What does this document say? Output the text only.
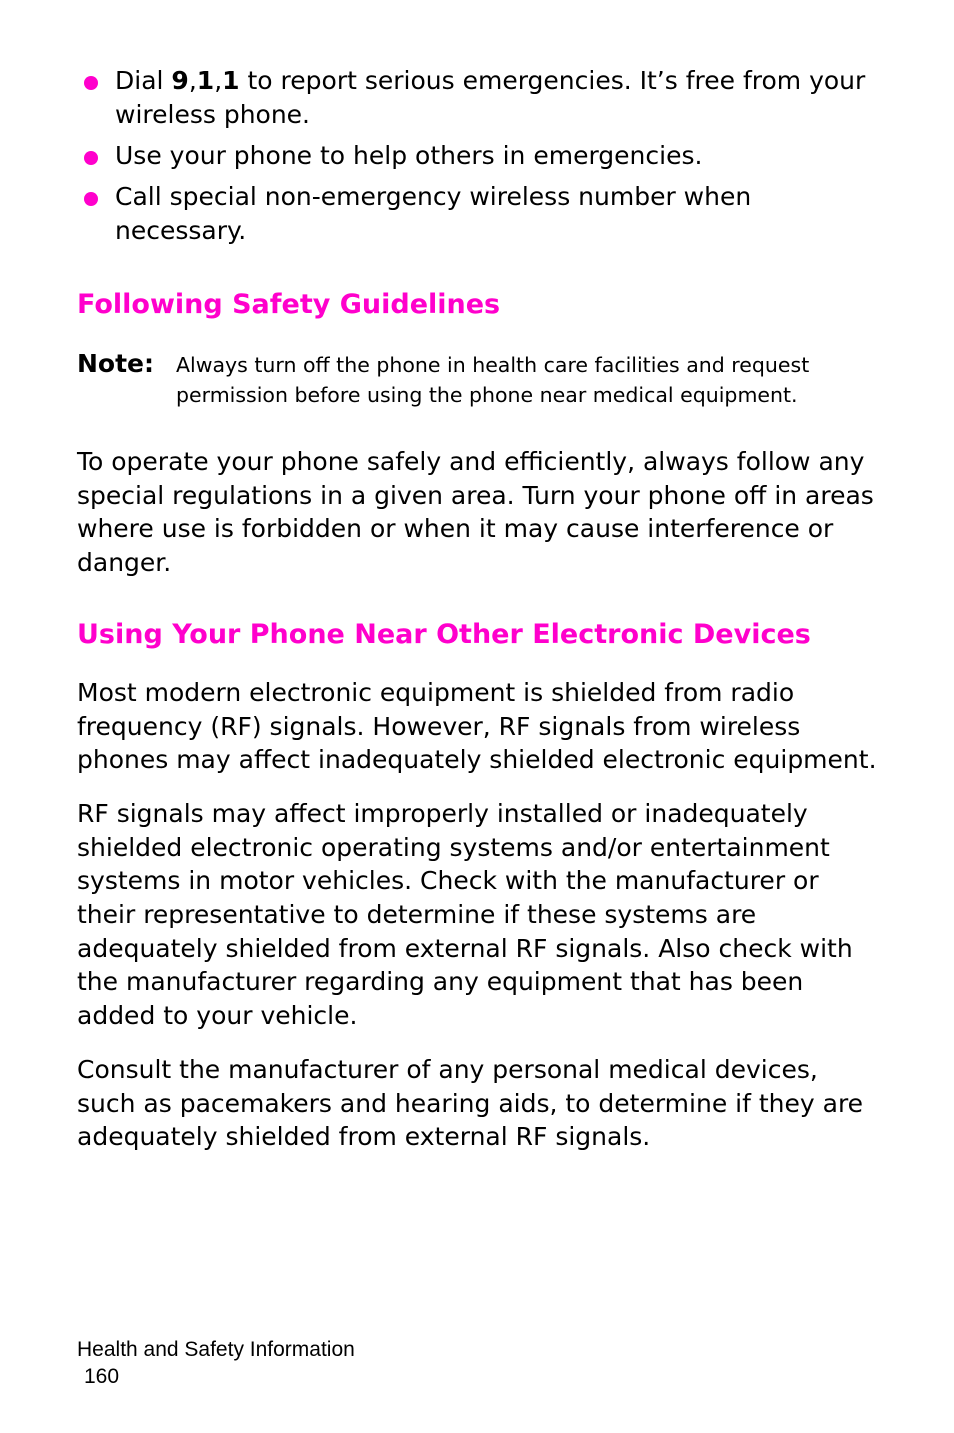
Dial 9,1,1 to report serious emergencies. It’s free from your wireless phone.
Use your phone to help others in emergencies.
Call special non-emergency wireless number when necessary.
Following Safety Guidelines
Note:	Always turn off the phone in health care facilities and request permission before using the phone near medical equipment.

To operate your phone safely and efficiently, always follow any special regulations in a given area. Turn your phone off in areas where use is forbidden or when it may cause interference or danger.

Using Your Phone Near Other Electronic Devices

Most modern electronic equipment is shielded from radio frequency (RF) signals. However, RF signals from wireless phones may affect inadequately shielded electronic equipment.

RF signals may affect improperly installed or inadequately shielded electronic operating systems and/or entertainment systems in motor vehicles. Check with the manufacturer or their representative to determine if these systems are adequately shielded from external RF signals. Also check with the manufacturer regarding any equipment that has been added to your vehicle.

Consult the manufacturer of any personal medical devices, such as pacemakers and hearing aids, to determine if they are adequately shielded from external RF signals.

Health and Safety Information
160
